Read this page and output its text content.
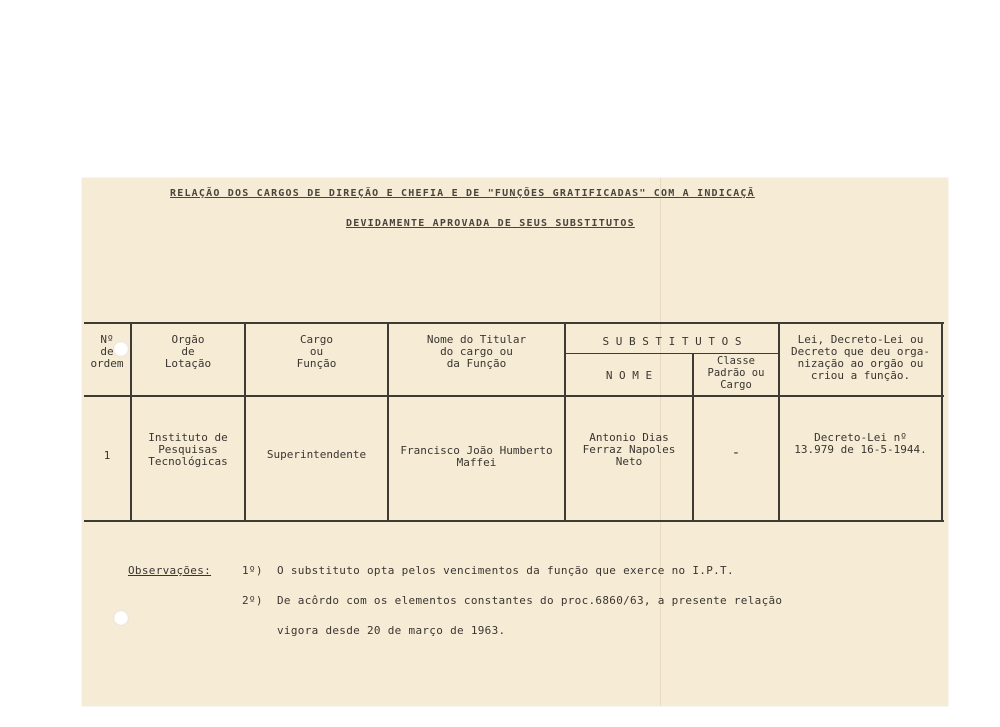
RELAÇÃO DOS CARGOS DE DIREÇÃO E CHEFIA E DE "FUNÇÕES GRATIFICADAS" COM A INDICAÇÃ
DEVIDAMENTE APROVADA DE SEUS SUBSTITUTOS
Nº
de
ordem
Orgão
de
Lotação
Cargo
ou
Função
Nome do Titular
do cargo ou
da Função
S U B S T I T U T O S
N O M E
Classe
Padrão ou
Cargo
Lei, Decreto-Lei ou
Decreto que deu orga-
nização ao orgão ou
criou a função.
1
Instituto de
Pesquisas
Tecnológicas
Superintendente	Francisco João Humberto
Maffei
Antonio Dias
Ferraz Napoles
Neto
-
Decreto-Lei nº
13.979 de 16-5-1944.
Observações:	1º) O substituto opta pelos vencimentos da função que exerce no I.P.T.
2º) De acôrdo com os elementos constantes do proc.6860/63, a presente relação
vigora desde 20 de março de 1963.
